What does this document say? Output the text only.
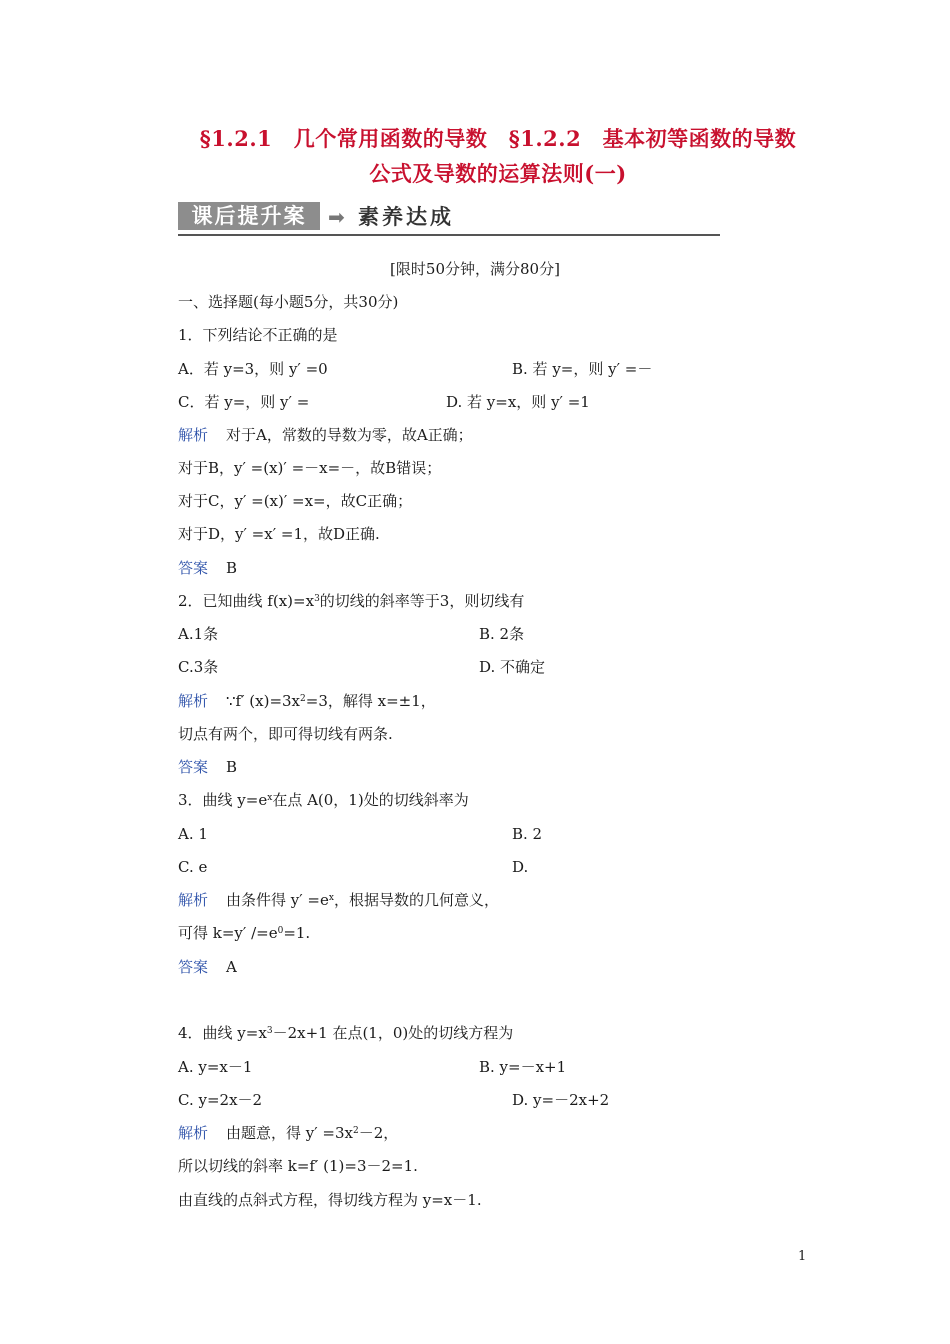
§1.2.1　几个常用函数的导数　§1.2.2　基本初等函数的导数
公式及导数的运算法则(一)
课后提升案	➡ 素养达成
[限时50分钟，满分80分]
一、选择题(每小题5分，共30分)
1．下列结论不正确的是
A．若 y=3，则 y′ =0	B. 若 y=，则 y′ =－
C．若 y=，则 y′ =	D. 若 y=x，则 y′ =1
解析 对于A，常数的导数为零，故A正确；
对于B，y′ =(x)′ =－x=－，故B错误；
对于C，y′ =(x)′ =x=，故C正确；
对于D，y′ =x′ =1，故D正确.
答案 B
2．已知曲线 $f(x)=x^3$的切线的斜率等于3，则切线有
A.1条	B. 2条
C.3条	D. 不确定
解析 ∵f′ $(x)=3x^2=3$，解得 x=±1，
切点有两个，即可得切线有两条.
答案 B
3．曲线 $y=e^x$在点 A(0，1)处的切线斜率为
A. 1	B. 2
C. e	D.
解析 由条件得 $y' =e^x$，根据导数的几何意义，
可得 k=y′ $/=e^0=1$.
答案 A
4．曲线 $y=x^3-2x+1$ 在点(1，0)处的切线方程为
A. y=x－1	B. y=－x+1
C. y=2x－2	D. y=－2x+2
解析 由题意，得 $y' =3x^2-2$，
所以切线的斜率 k=f′ (1)=3－2=1.
由直线的点斜式方程，得切线方程为 y=x－1.
1
